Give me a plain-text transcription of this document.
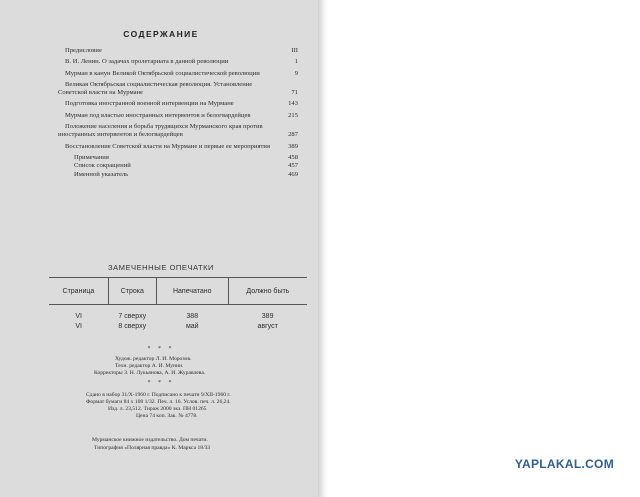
СОДЕРЖАНИЕ
Предисловие	III
В. И. Ленин. О задачах пролетариата в данной революции	1
Мурман в канун Великой Октябрьской социалистической революции	9
Великая Октябрьская социалистическая революция. Установление Советской власти на Мурмане	71
Подготовка иностранной военной интервенции на Мурмане	143
Мурман под властью иностранных интервентов и белогвардейцев	215
Положение населения и борьба трудящихся Мурманского края против иностранных интервентов и белогвардейцев	287
Восстановление Советской власти на Мурмане и первые ее мероприятия	389
Примечания	458
Список сокращений	457
Именной указатель	469
ЗАМЕЧЕННЫЕ ОПЕЧАТКИ
Страница	Строка	Напечатано	Должно быть
VI	7 сверху	388	389
VI	8 сверху	май	август
* * *
Худож. редактор Л. И. Морозов.
Техн. редактор А. И. Мунин.
Корректоры З. Н. Лукьянова, А. И. Журавлева.
* * *
Сдано в набор 31/X-1960 г. Подписано к печати 9/XII-1960 г.
Формат бумаги 84 x 108 1/32. Печ. л. 16. Услов. печ. л. 26,24.
Изд. л. 23,512. Тираж 2000 экз. ПН 01265
Цена 74 коп. Зак. № 4778.
Мурманское книжное издательство. Дом печати.
Типография «Полярная правда» К. Маркса 18/33
YAPLAKAL.COM
